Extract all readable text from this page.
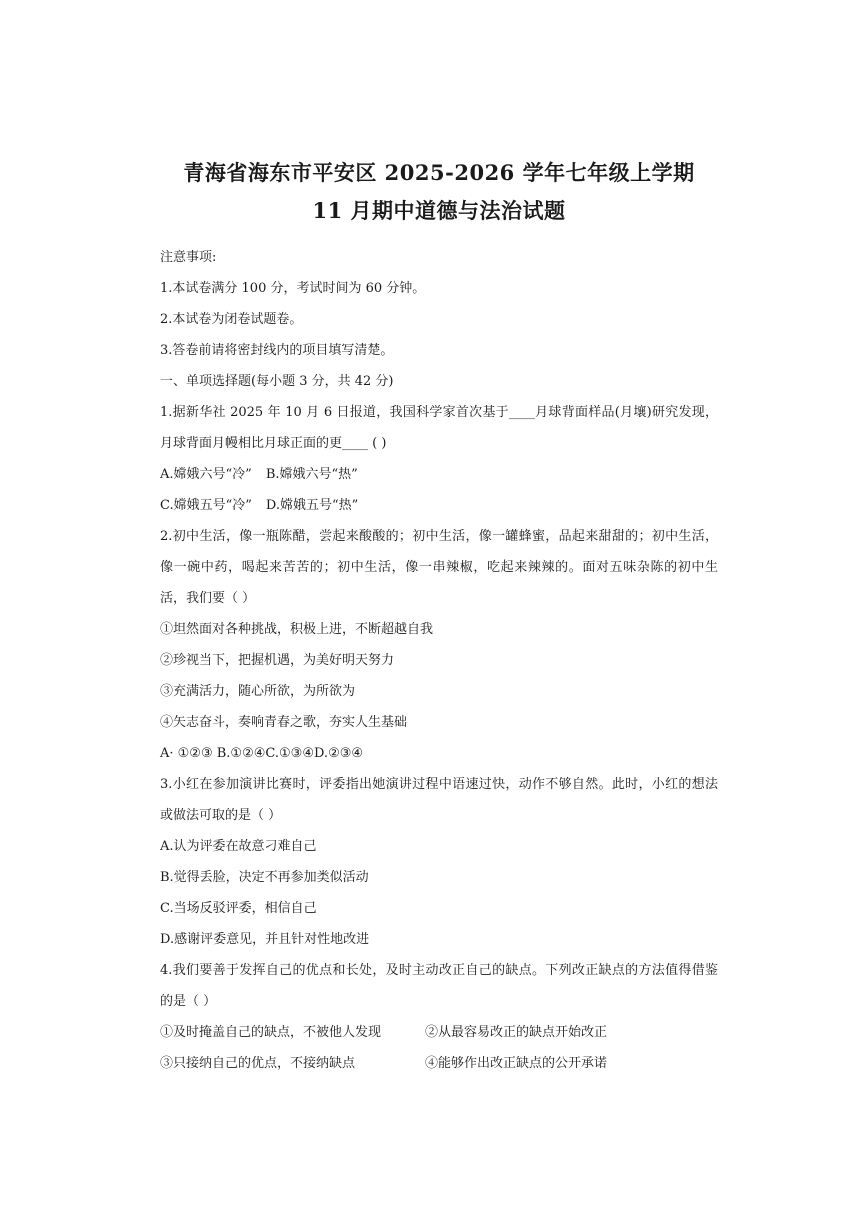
青海省海东市平安区 2025-2026 学年七年级上学期

11 月期中道德与法治试题

注意事项:

1.本试卷满分 100 分，考试时间为 60 分钟。

2.本试卷为闭卷试题卷。

3.答卷前请将密封线内的项目填写清楚。

一、单项选择题(每小题 3 分，共 42 分)

1.据新华社 2025 年 10 月 6 日报道，我国科学家首次基于____月球背面样品(月壤)研究发现，月球背面月幔相比月球正面的更____ ( )

A.嫦娥六号“冷” B.嫦娥六号“热”
C.嫦娥五号“冷” D.嫦娥五号“热”

2.初中生活，像一瓶陈醋，尝起来酸酸的；初中生活，像一罐蜂蜜，品起来甜甜的；初中生活，像一碗中药，喝起来苦苦的；初中生活，像一串辣椒，吃起来辣辣的。面对五味杂陈的初中生活，我们要（ ）

①坦然面对各种挑战，积极上进，不断超越自我

②珍视当下，把握机遇，为美好明天努力

③充满活力，随心所欲，为所欲为

④矢志奋斗，奏响青春之歌，夯实人生基础

A· ①②③ B.①②④C.①③④D.②③④

3.小红在参加演讲比赛时，评委指出她演讲过程中语速过快，动作不够自然。此时，小红的想法或做法可取的是（ ）

A.认为评委在故意刁难自己

B.觉得丢脸，决定不再参加类似活动

C.当场反驳评委，相信自己

D.感谢评委意见，并且针对性地改进

4.我们要善于发挥自己的优点和长处，及时主动改正自己的缺点。下列改正缺点的方法值得借鉴的是（ ）

①及时掩盖自己的缺点，不被他人发现	②从最容易改正的缺点开始改正
③只接纳自己的优点，不接纳缺点	④能够作出改正缺点的公开承诺
